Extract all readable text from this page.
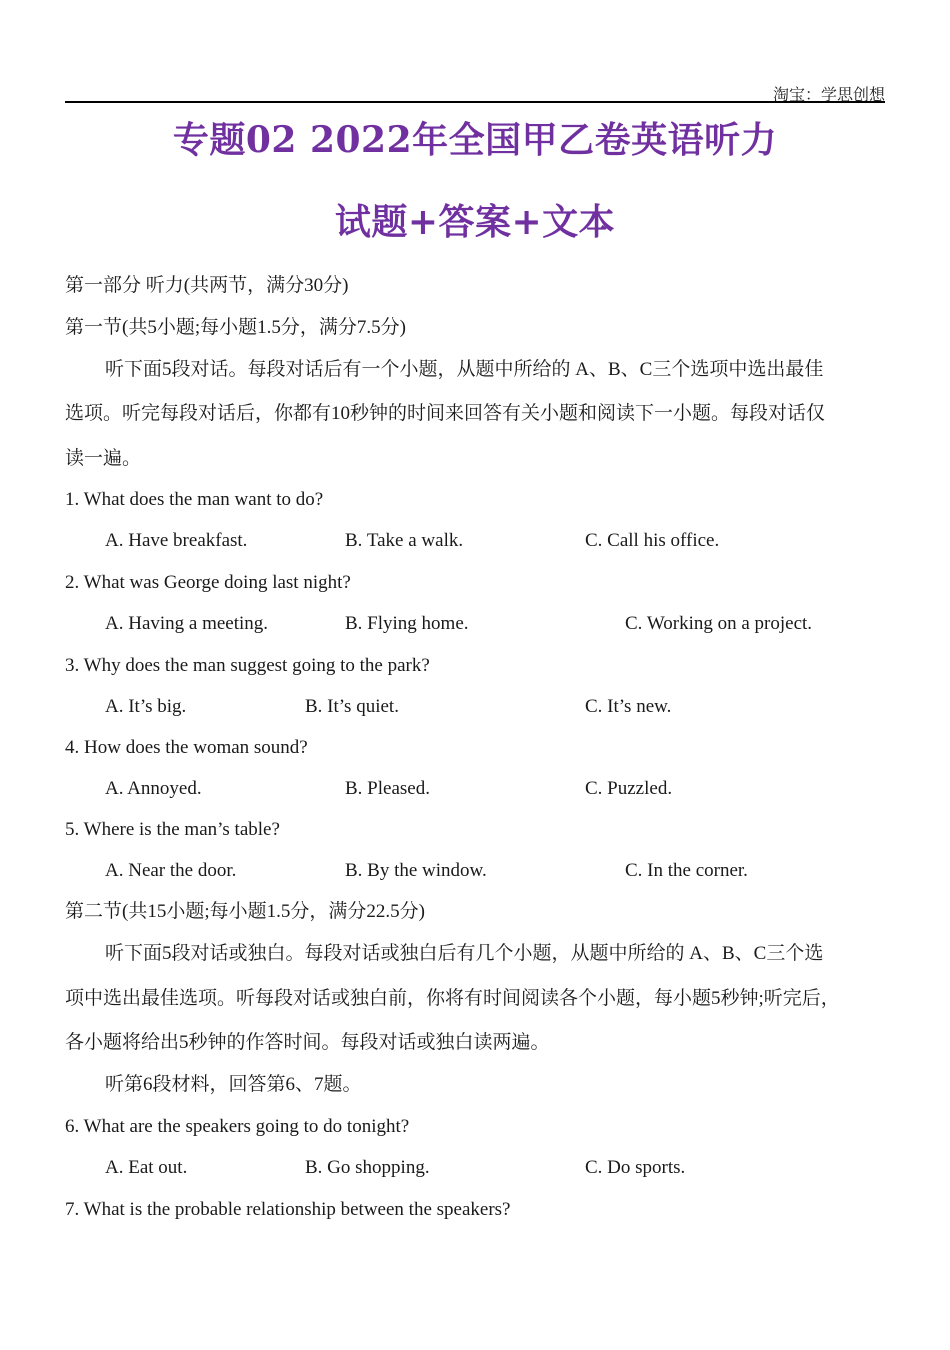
淘宝：学思创想
专题02 2022年全国甲乙卷英语听力
试题+答案+文本
第一部分 听力(共两节，满分30分)
第一节(共5小题;每小题1.5分，满分7.5分)
听下面5段对话。每段对话后有一个小题，从题中所给的 A、B、C三个选项中选出最佳
选项。听完每段对话后，你都有10秒钟的时间来回答有关小题和阅读下一小题。每段对话仅
读一遍。
1. What does the man want to do?
A. Have breakfast.	B. Take a walk.	C. Call his office.
2. What was George doing last night?
A. Having a meeting.	B. Flying home.	C. Working on a project.
3. Why does the man suggest going to the park?
A. It’s big.	B. It’s quiet.	C. It’s new.
4. How does the woman sound?
A. Annoyed.	B. Pleased.	C. Puzzled.
5. Where is the man’s table?
A. Near the door.	B. By the window.	C. In the corner.
第二节(共15小题;每小题1.5分，满分22.5分)
听下面5段对话或独白。每段对话或独白后有几个小题，从题中所给的 A、B、C三个选
项中选出最佳选项。听每段对话或独白前，你将有时间阅读各个小题，每小题5秒钟;听完后，
各小题将给出5秒钟的作答时间。每段对话或独白读两遍。
听第6段材料，回答第6、7题。
6. What are the speakers going to do tonight?
A. Eat out.	B. Go shopping.	C. Do sports.
7. What is the probable relationship between the speakers?
